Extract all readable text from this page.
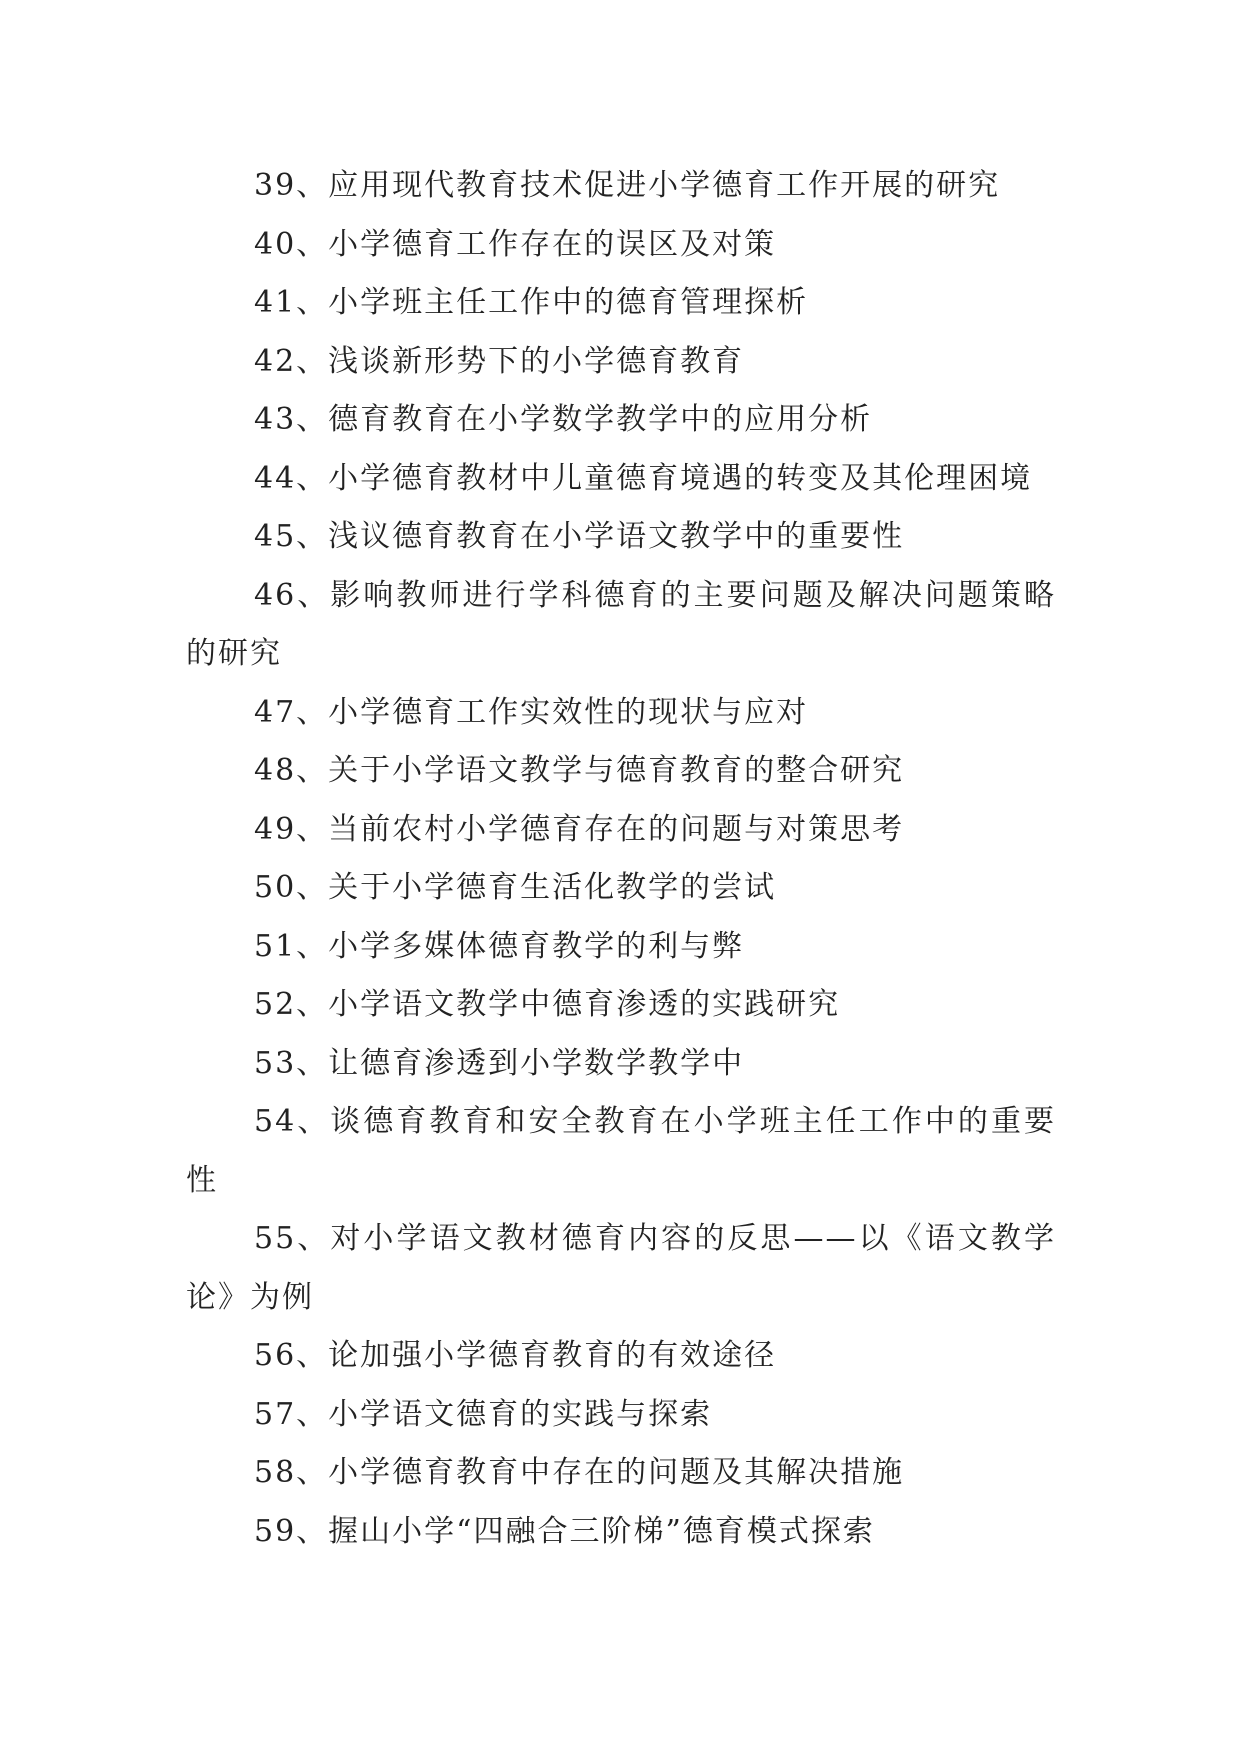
39、应用现代教育技术促进小学德育工作开展的研究

40、小学德育工作存在的误区及对策

41、小学班主任工作中的德育管理探析

42、浅谈新形势下的小学德育教育

43、德育教育在小学数学教学中的应用分析

44、小学德育教材中儿童德育境遇的转变及其伦理困境

45、浅议德育教育在小学语文教学中的重要性

46、影响教师进行学科德育的主要问题及解决问题策略的研究

47、小学德育工作实效性的现状与应对

48、关于小学语文教学与德育教育的整合研究

49、当前农村小学德育存在的问题与对策思考

50、关于小学德育生活化教学的尝试

51、小学多媒体德育教学的利与弊

52、小学语文教学中德育渗透的实践研究

53、让德育渗透到小学数学教学中

54、谈德育教育和安全教育在小学班主任工作中的重要性

55、对小学语文教材德育内容的反思——以《语文教学论》为例

56、论加强小学德育教育的有效途径

57、小学语文德育的实践与探索

58、小学德育教育中存在的问题及其解决措施

59、握山小学“四融合三阶梯”德育模式探索
